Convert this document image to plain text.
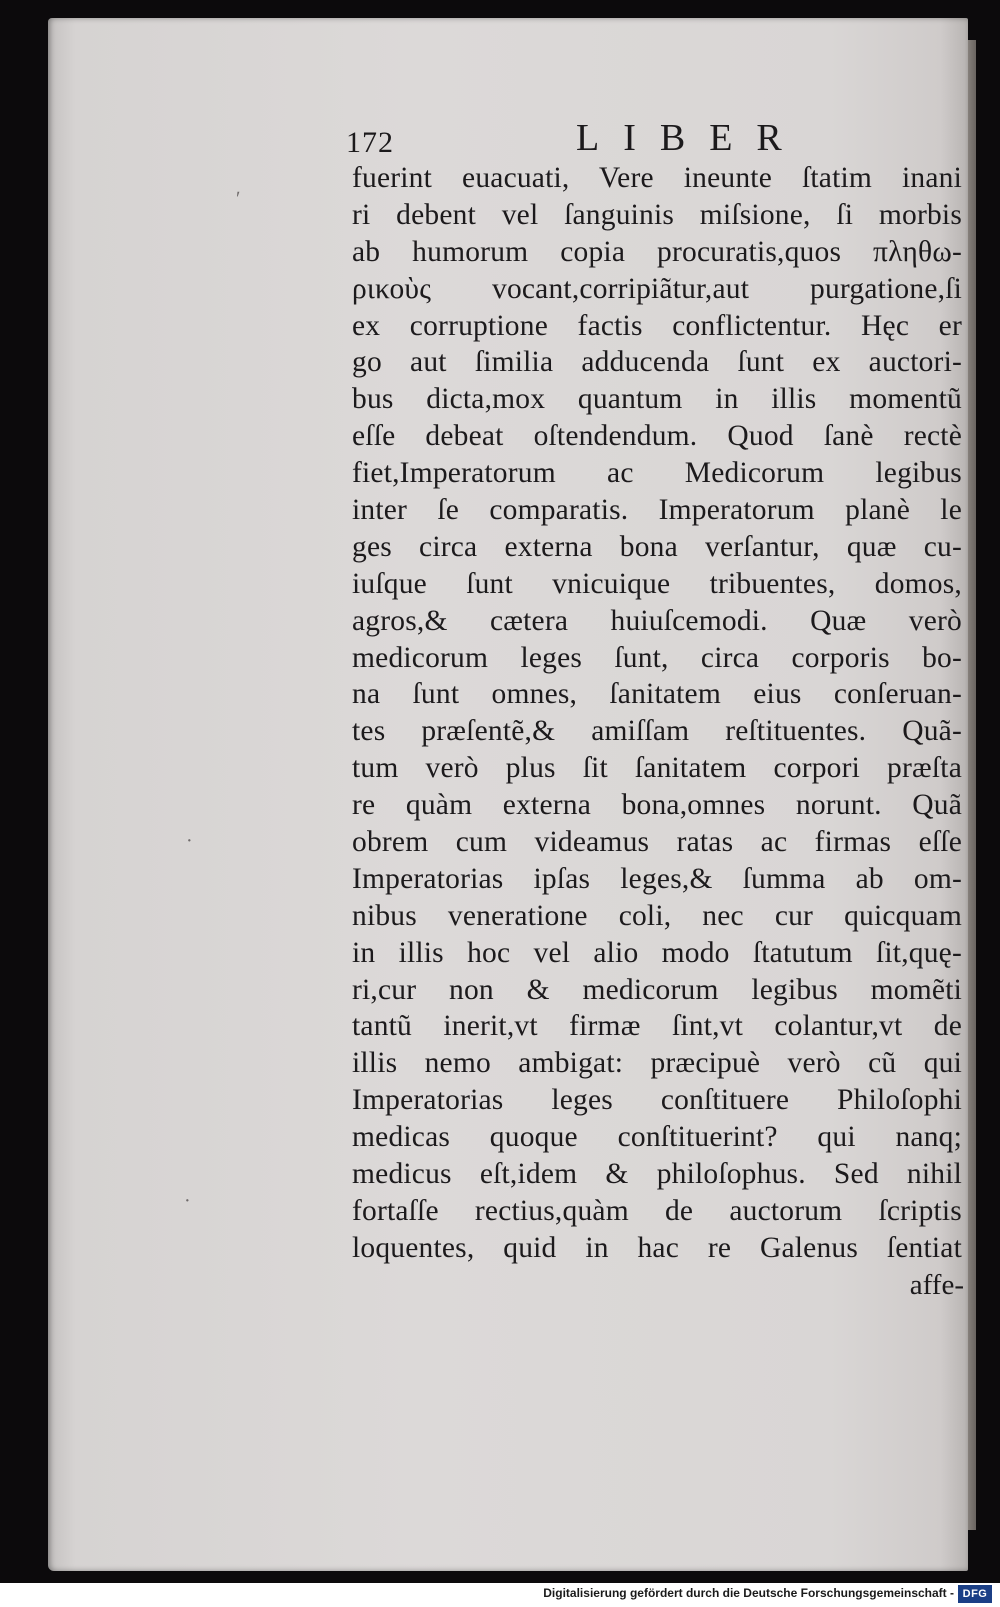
ʹ
·
·
172	LIBER
fuerint euacuati, Vere ineunte ſtatim inani
ri debent vel ſanguinis miſsione, ſi morbis
ab humorum copia procuratis,quos πληθω-
ρικοὺς vocant,corripiãtur,aut purgatione,ſi
ex corruptione factis conflictentur. Hęc er
go aut ſimilia adducenda ſunt ex auctori-
bus dicta,mox quantum in illis momentũ
eſſe debeat oſtendendum. Quod ſanè rectè
fiet,Imperatorum ac Medicorum legibus
inter ſe comparatis. Imperatorum planè le
ges circa externa bona verſantur, quæ cu-
iuſque ſunt vnicuique tribuentes, domos,
agros,& cætera huiuſcemodi. Quæ verò
medicorum leges ſunt, circa corporis bo-
na ſunt omnes, ſanitatem eius conſeruan-
tes præſentẽ,& amiſſam reſtituentes. Quã-
tum verò plus ſit ſanitatem corpori præſta
re quàm externa bona,omnes norunt. Quã
obrem cum videamus ratas ac firmas eſſe
Imperatorias ipſas leges,& ſumma ab om-
nibus veneratione coli, nec cur quicquam
in illis hoc vel alio modo ſtatutum ſit,quę-
ri,cur non & medicorum legibus momẽti
tantũ inerit,vt firmæ ſint,vt colantur,vt de
illis nemo ambigat: præcipuè verò cũ qui
Imperatorias leges conſtituere Philoſophi
medicas quoque conſtituerint? qui nanq;
medicus eſt,idem & philoſophus. Sed nihil
fortaſſe rectius,quàm de auctorum ſcriptis
loquentes, quid in hac re Galenus ſentiat
affe-
Digitalisierung gefördert durch die Deutsche Forschungsgemeinschaft - DFG
